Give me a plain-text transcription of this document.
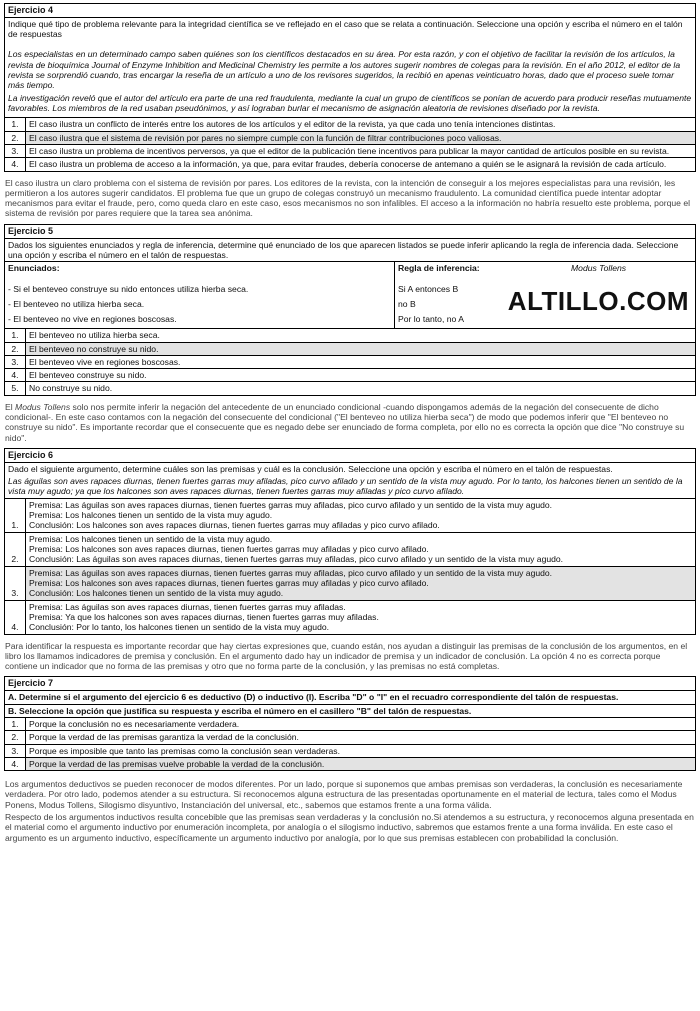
Ejercicio 4
Indique qué tipo de problema relevante para la integridad científica se ve reflejado en el caso que se relata a continuación. Seleccione una opción y escriba el número en el talón de respuestas
Los especialistas en un determinado campo saben quiénes son los científicos destacados en su área. Por esta razón, y con el objetivo de facilitar la revisión de los artículos, la revista de bioquímica Journal of Enzyme Inhibition and Medicinal Chemistry les permite a los autores sugerir nombres de colegas para la revisión. En el año 2012, el editor de la revista se sorprendió cuando, tras encargar la reseña de un artículo a uno de los revisores sugeridos, la recibió en apenas veinticuatro horas, dado que el proceso suele tomar más tiempo.
La investigación reveló que el autor del artículo era parte de una red fraudulenta, mediante la cual un grupo de científicos se ponían de acuerdo para producir reseñas mutuamente favorables. Los miembros de la red usaban pseudónimos, y así lograban burlar el mecanismo de asignación aleatoria de revisiones diseñado por la revista.
1.	El caso ilustra un conflicto de interés entre los autores de los artículos y el editor de la revista, ya que cada uno tenía intenciones distintas.
2.	El caso ilustra que el sistema de revisión por pares no siempre cumple con la función de filtrar contribuciones poco valiosas.
3.	El caso ilustra un problema de incentivos perversos, ya que el editor de la publicación tiene incentivos para publicar la mayor cantidad de artículos posible en su revista.
4.	El caso ilustra un problema de acceso a la información, ya que, para evitar fraudes, debería conocerse de antemano a quién se le asignará la revisión de cada artículo.
El caso ilustra un claro problema con el sistema de revisión por pares. Los editores de la revista, con la intención de conseguir a los mejores especialistas para una revisión, les permitieron a los autores sugerir candidatos. El problema fue que un grupo de colegas construyó un mecanismo fraudulento. La comunidad científica puede intentar adoptar mecanismos para evitar el fraude, pero, como queda claro en este caso, esos mecanismos no son infalibles. El acceso a la información no habría resuelto este problema, porque el sistema de revisión por pares requiere que la tarea sea anónima.
Ejercicio 5
Dados los siguientes enunciados y regla de inferencia, determine qué enunciado de los que aparecen listados se puede inferir aplicando la regla de inferencia dada. Seleccione una opción y escriba el número en el talón de respuestas.
Enunciados:
- Si el benteveo construye su nido entonces utiliza hierba seca.
- El benteveo no utiliza hierba seca.
- El benteveo no vive en regiones boscosas.
Regla de inferencia:	Modus Tollens
Si A entonces B
no B
Por lo tanto, no A
ALTILLO.COM
1.	El benteveo no utiliza hierba seca.
2.	El benteveo no construye su nido.
3.	El benteveo vive en regiones boscosas.
4.	El benteveo construye su nido.
5.	No construye su nido.
El Modus Tollens solo nos permite inferir la negación del antecedente de un enunciado condicional -cuando dispongamos además de la negación del consecuente de dicho condicional-. En este caso contamos con la negación del consecuente del condicional ("El benteveo no utiliza hierba seca") de modo que podemos inferir que "El benteveo no construye su nido". Es importante recordar que el consecuente que es negado debe ser enunciado de forma completa, por ello no es correcta la opción que dice "No construye su nido".
Ejercicio 6
Dado el siguiente argumento, determine cuáles son las premisas y cuál es la conclusión. Seleccione una opción y escriba el número en el talón de respuestas.
Las águilas son aves rapaces diurnas, tienen fuertes garras muy afiladas, pico curvo afilado y un sentido de la vista muy agudo. Por lo tanto, los halcones tienen un sentido de la vista muy agudo; ya que los halcones son aves rapaces diurnas, tienen fuertes garras muy afiladas y pico curvo afilado.
1.
Premisa: Las águilas son aves rapaces diurnas, tienen fuertes garras muy afiladas, pico curvo afilado y un sentido de la vista muy agudo.
Premisa: Los halcones tienen un sentido de la vista muy agudo.
Conclusión: Los halcones son aves rapaces diurnas, tienen fuertes garras muy afiladas y pico curvo afilado.
2.
Premisa: Los halcones tienen un sentido de la vista muy agudo.
Premisa: Los halcones son aves rapaces diurnas, tienen fuertes garras muy afiladas y pico curvo afilado.
Conclusión: Las águilas son aves rapaces diurnas, tienen fuertes garras muy afiladas, pico curvo afilado y un sentido de la vista muy agudo.
3.
Premisa: Las águilas son aves rapaces diurnas, tienen fuertes garras muy afiladas, pico curvo afilado y un sentido de la vista muy agudo.
Premisa: Los halcones son aves rapaces diurnas, tienen fuertes garras muy afiladas y pico curvo afilado.
Conclusión: Los halcones tienen un sentido de la vista muy agudo.
4.
Premisa: Las águilas son aves rapaces diurnas, tienen fuertes garras muy afiladas.
Premisa: Ya que los halcones son aves rapaces diurnas, tienen fuertes garras muy afiladas.
Conclusión: Por lo tanto, los halcones tienen un sentido de la vista muy agudo.
Para identificar la respuesta es importante recordar que hay ciertas expresiones que, cuando están, nos ayudan a distinguir las premisas de la conclusión de los argumentos, en el libro los llamamos indicadores de premisa y conclusión. En el argumento dado hay un indicador de premisa y un indicador de conclusión. La opción 4 no es correcta porque contiene un indicador que no forma de las premisas y otro que no forma parte de la conclusión, y las premisas no está completas.
Ejercicio 7
A. Determine si el argumento del ejercicio 6 es deductivo (D) o inductivo (I). Escriba "D" o "I" en el recuadro correspondiente del talón de respuestas.
B. Seleccione la opción que justifica su respuesta y escriba el número en el casillero "B" del talón de respuestas.
1.	Porque la conclusión no es necesariamente verdadera.
2.	Porque la verdad de las premisas garantiza la verdad de la conclusión.
3.	Porque es imposible que tanto las premisas como la conclusión sean verdaderas.
4.	Porque la verdad de las premisas vuelve probable la verdad de la conclusión.
Los argumentos deductivos se pueden reconocer de modos diferentes. Por un lado, porque si suponemos que ambas premisas son verdaderas, la conclusión es necesariamente verdadera. Por otro lado, podemos atender a su estructura. Si reconocemos alguna estructura de las presentadas oportunamente en el material de lectura, tales como el Modus Ponens, Modus Tollens, Silogismo disyuntivo, Instanciación del universal, etc., sabemos que estamos frente a una forma válida.
Respecto de los argumentos inductivos resulta concebible que las premisas sean verdaderas y la conclusión no.Si atendemos a su estructura, y reconocemos alguna presentada en el material como el argumento inductivo por enumeración incompleta, por analogía o el silogismo inductivo, sabremos que estamos frente a una forma inválida. En este caso el argumento es un argumento inductivo, específicamente un argumento inductivo por analogía, por lo que sus premisas establecen con probabilidad la conclusión.
